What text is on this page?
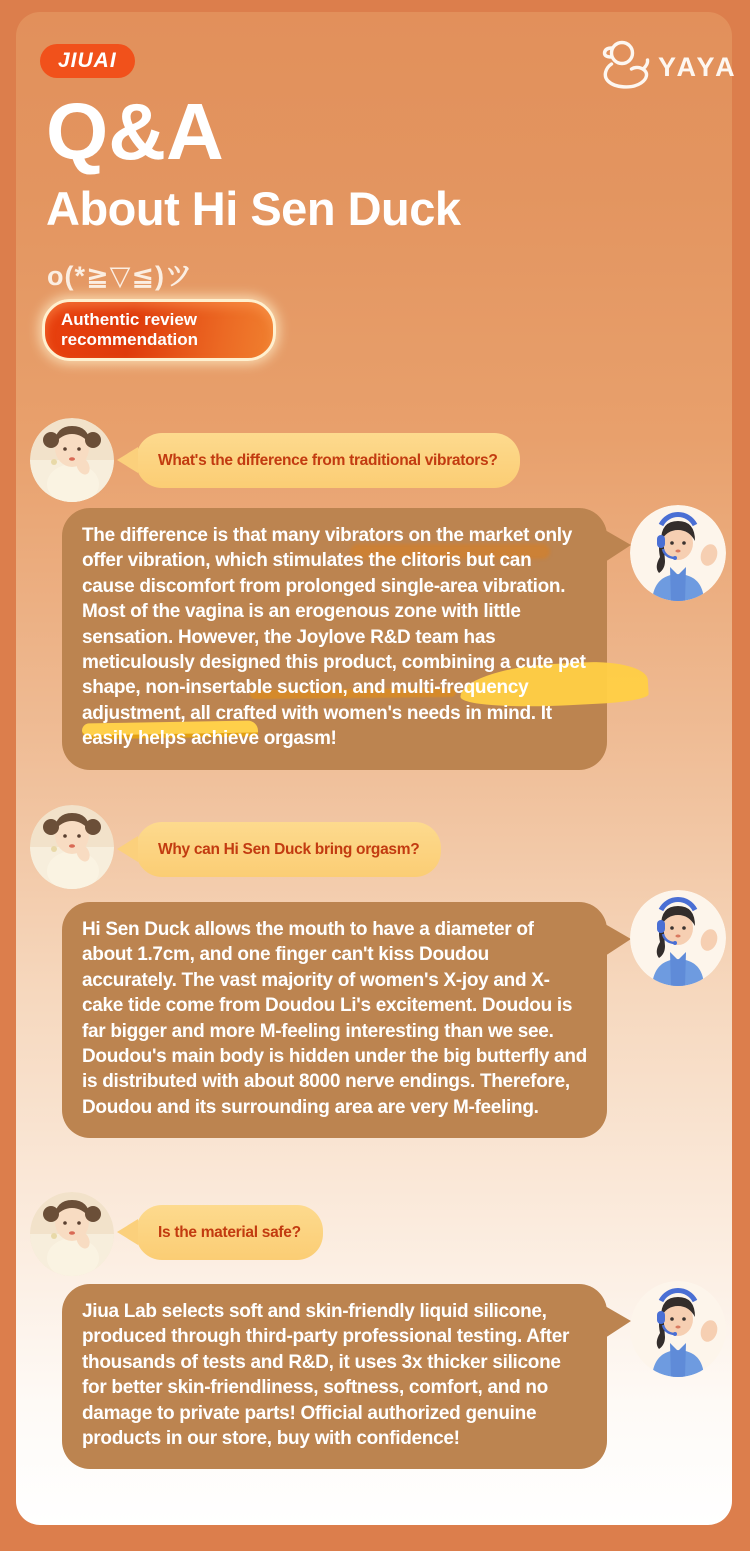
JIUAI	YAYA
Q&A
About Hi Sen Duck
o(*≧▽≦)ツ
Authentic review
recommendation
What's the difference from traditional vibrators?

The difference is that many vibrators on the market only offer vibration, which stimulates the clitoris but can cause discomfort from prolonged single-area vibration. Most of the vagina is an erogenous zone with little sensation. However, the Joylove R&D team has meticulously designed this product, combining a cute pet shape, non-insertable suction, and multi-frequency adjustment, all crafted with women's needs in mind. It easily helps achieve orgasm!

Why can Hi Sen Duck bring orgasm?

Hi Sen Duck allows the mouth to have a diameter of about 1.7cm, and one finger can't kiss Doudou accurately. The vast majority of women's X-joy and X-cake tide come from Doudou Li's excitement. Doudou is far bigger and more M-feeling interesting than we see. Doudou's main body is hidden under the big butterfly and is distributed with about 8000 nerve endings. Therefore, Doudou and its surrounding area are very M-feeling.

Is the material safe?

Jiua Lab selects soft and skin-friendly liquid silicone, produced through third-party professional testing. After thousands of tests and R&D, it uses 3x thicker silicone for better skin-friendliness, softness, comfort, and no damage to private parts! Official authorized genuine products in our store, buy with confidence!
